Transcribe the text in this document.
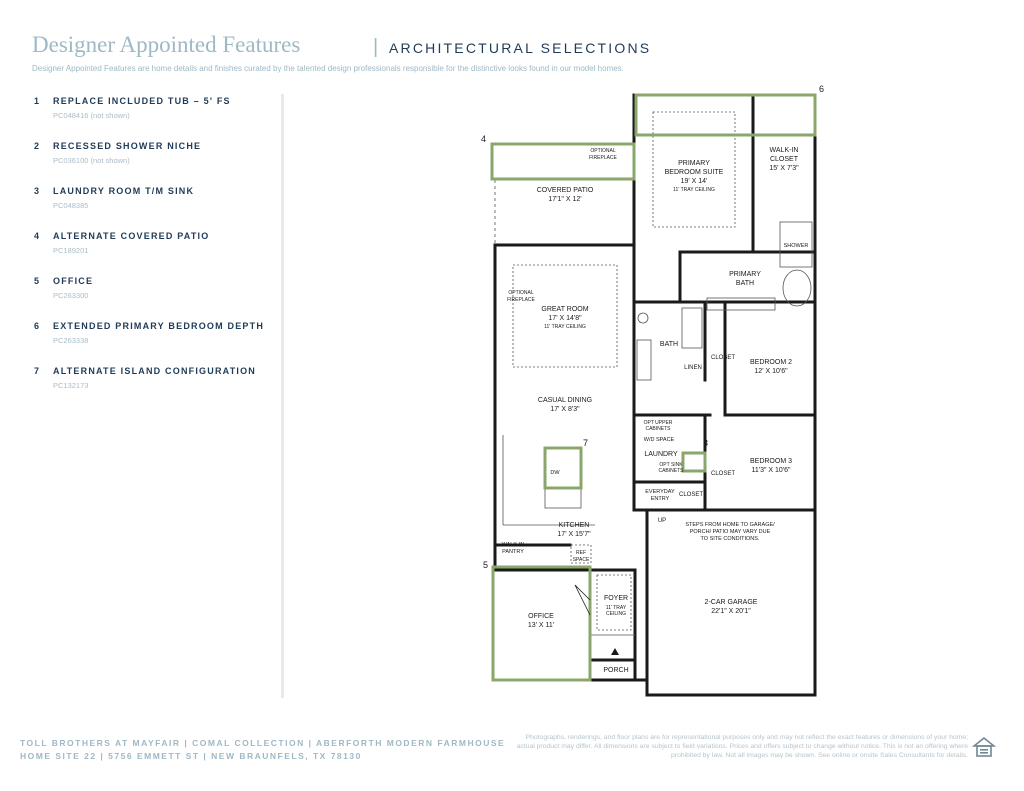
Designer Appointed Features	| ARCHITECTURAL SELECTIONS
Designer Appointed Features are home details and finishes curated by the talented design professionals responsible for the distinctive looks found in our model homes.
1 REPLACE INCLUDED TUB – 5' FS
PC048416 (not shown)
2 RECESSED SHOWER NICHE
PC036100 (not shown)
3 LAUNDRY ROOM T/M SINK
PC048385
4 ALTERNATE COVERED PATIO
PC189201
5 OFFICE
PC263300
6 EXTENDED PRIMARY BEDROOM DEPTH
PC263338
7 ALTERNATE ISLAND CONFIGURATION
PC132173
4
6
7	3
5
OPTIONAL
FIREPLACE
COVERED PATIO
17'1" X 12'
PRIMARY
BEDROOM SUITE
19' X 14'
11' TRAY CEILING
WALK-IN
CLOSET
15' X 7'3"
SHOWER
PRIMARY
BATH
OPTIONAL
FIREPLACE
GREAT ROOM
17' X 14'8"
11' TRAY CEILING
BATH
CLOSET
LINEN
BEDROOM 2
12' X 10'6"
CASUAL DINING
17' X 8'3"
OPT UPPER
CABINETS
W/D SPACE
LAUNDRY
OPT SINK
CABINETS	CLOSET
BEDROOM 3
11'3" X 10'6"
DW
EVERYDAY
ENTRY
CLOSET
UP
STEPS FROM HOME TO GARAGE/
PORCH/ PATIO MAY VARY DUE
TO SITE CONDITIONS.
KITCHEN
17' X 15'7"
WALK-IN
PANTRY	REF
SPACE
FOYER
11' TRAY
CEILING
OFFICE
13' X 11'
2-CAR GARAGE
22'1" X 20'1"
PORCH
TOLL BROTHERS AT MAYFAIR | COMAL COLLECTION | ABERFORTH MODERN FARMHOUSE
HOME SITE 22 | 5756 EMMETT ST | NEW BRAUNFELS, TX 78130
Photographs, renderings, and floor plans are for representational purposes only and may not reflect the exact features or dimensions of your home; actual product may differ. All dimensions are subject to field variations. Prices and offers subject to change without notice. This is not an offering where prohibited by law. Not all images may be shown. See online or onsite Sales Consultants for details.
